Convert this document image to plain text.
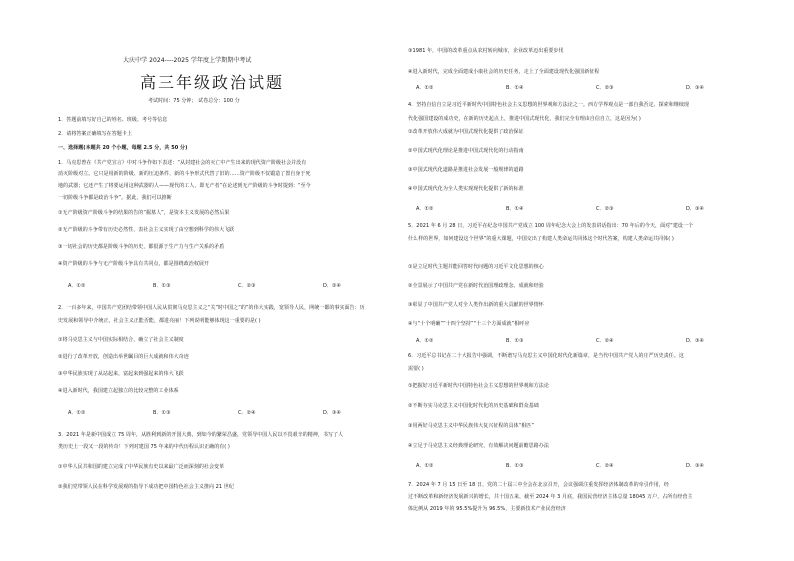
大庆中学 2024----2025 学年度上学期期中考试
高三年级政治试题
考试时间：75 分钟； 试卷总分：100 分
1．答题前填写好自己的姓名、班级、考号等信息
2．请将答案正确填写在答题卡上
一、选择题(本题共 20 个小题，每题 2.5 分，共 50 分)
1．马克思曾在《共产党宣言》中对斗争作如下表述：“从封建社会的灭亡中产生出来的现代资产阶级社会并没有
消灭阶级对立。它只是用新的阶级、新的压迫条件、新的斗争形式代替了旧的……资产阶级不仅锻造了置自身于死
地的武器；它还产生了将要运用这种武器的人——现代的工人，即无产者”在论述到无产阶级的斗争时提到：“至今
一切阶级斗争都是政治斗争”。据此，我们可以推断
①无产阶级资产阶级斗争的结果的告的“掘墓人”，是资本主义发展的必然后果
②无产阶级的斗争带有历史必然性，表社会主义实现了由空想到科学的伟大飞跃
③一切社会的历史都是阶级斗争的历史，都很源于生产力与生产关系的矛盾
④资产阶级的斗争与无产阶级斗争具有共同点，都是围绕政治权展开
A．①②	B．①③	C．②③	D．②④
2．一百多年来，中国共产党团结带领中国人民从贯彻马克思主义之“关”时中国之“的”的伟大实践，宽领导人民，网统一都的事实面告：历
史发展和领导中介统正，社会主义正能否能，都进亮丽！下列说明能够体现这一重要的是( )
①将马克思主义与中国实际相结合，确立了社会主义制度
②进行了改革开放，创造出举世瞩目的巨大成就和伟大奇迹
③中华民族实现了从站起来，富起来到强起来的伟大飞跃
④进入新时代，我国建立起独立的比较完整的工业体系
A．①②	B．①③	C．②④	D．③④
3．2021 年是新中国成立 75 周年，从胜利到新的开国大典，到如今的繁荣昌盛，党领导中国人民以不畏艰辛的精神，书写了人
类历史上一段又一段的传奇！下列对建国 75 年来的中代历程认识正确的有( )
①中华人民共和国的建立完成了中华民族有史以来最广泛而深刻的社会变革
②我们党带领人民在科学发展观的指导下成功把中国特色社会主义推向 21 世纪
③1981 年，中国的改革重点从农村转向城市，企业改革迈出重要步伐
④进入新时代，完成全面建成小康社会的历史任务，走上了全面建设现代化强国新征程
A．①②	B．①④	C．②③	D．③④
4．坚持自信自立是习近平新时代中国特色社会主义思想的世界观和方法论之一。西方学界观点是一部自我否定、探索和继续现
代化强国建设的成功史，在新的历史起点上，推进中国式现代化，我们完全有理由自信自立，这是因为( )
①改革开放伟大成就为中国式现代化提供了政治保证
②中国式现代化理论是推进中国式现代化的行动指南
③中国式现代化道路是推进社会发展一般规律的道路
④中国式现代化为全人类实现现代化提供了新的标准
A．①②	B．①④	C．②③	D．③④
5．2021 年 6 月 28 日，习近平在纪念中国共产党成立 100 周年纪念大会上的发表讲话指出：70 年后的今天，面对“建设一个
什么样的世界，如何建设这个世界”的重大课题，中国交出了构建人类命运共同体这个时代答案，构建人类命运共同体( )
①是立足时代主题并能回答时代问题的习近平文化思想的核心
②全景展示了中国共产党在新时代治国理政理念、成就和经验
③彰显了中国共产党人对全人类作出新的重大贡献的世界情怀
④与“十个明确”“十四个坚持”“十三个方面成就”相呼应
A．①②	B．①③	C．②④	D．③④
6．习近平总书记在二十大报告中强调，不断谱写马克思主义中国化时代化新篇章，是当代中国共产党人的庄严历史责任。这
需要( )
①把握好习近平新时代中国特色社会主义思想的世界观和方法论
②不断夯实马克思主义中国化时代化的历史基础和群众基础
③用两好马克思主义中华民族伟大复兴征程的具体“相匹”
④立足于马克思主义经典理论研究，有效解决问题前瞻思路办法
A．①②	B．①③	C．②④	D．③④
7．2024 年 7 月 15 日至 18 日，党的二十届三中全会在北京召开，会议强调注重发挥经济体制改革的牵引作用，经
过不断改革和新经济发展新兴的增长，共十国五来，截至 2024 年 3 月底，我国民营经济主体总量 18045 万户，占所有经营主
体比例从 2019 年的 95.5%提升为 96.5%，主要新技术产业民营经济
